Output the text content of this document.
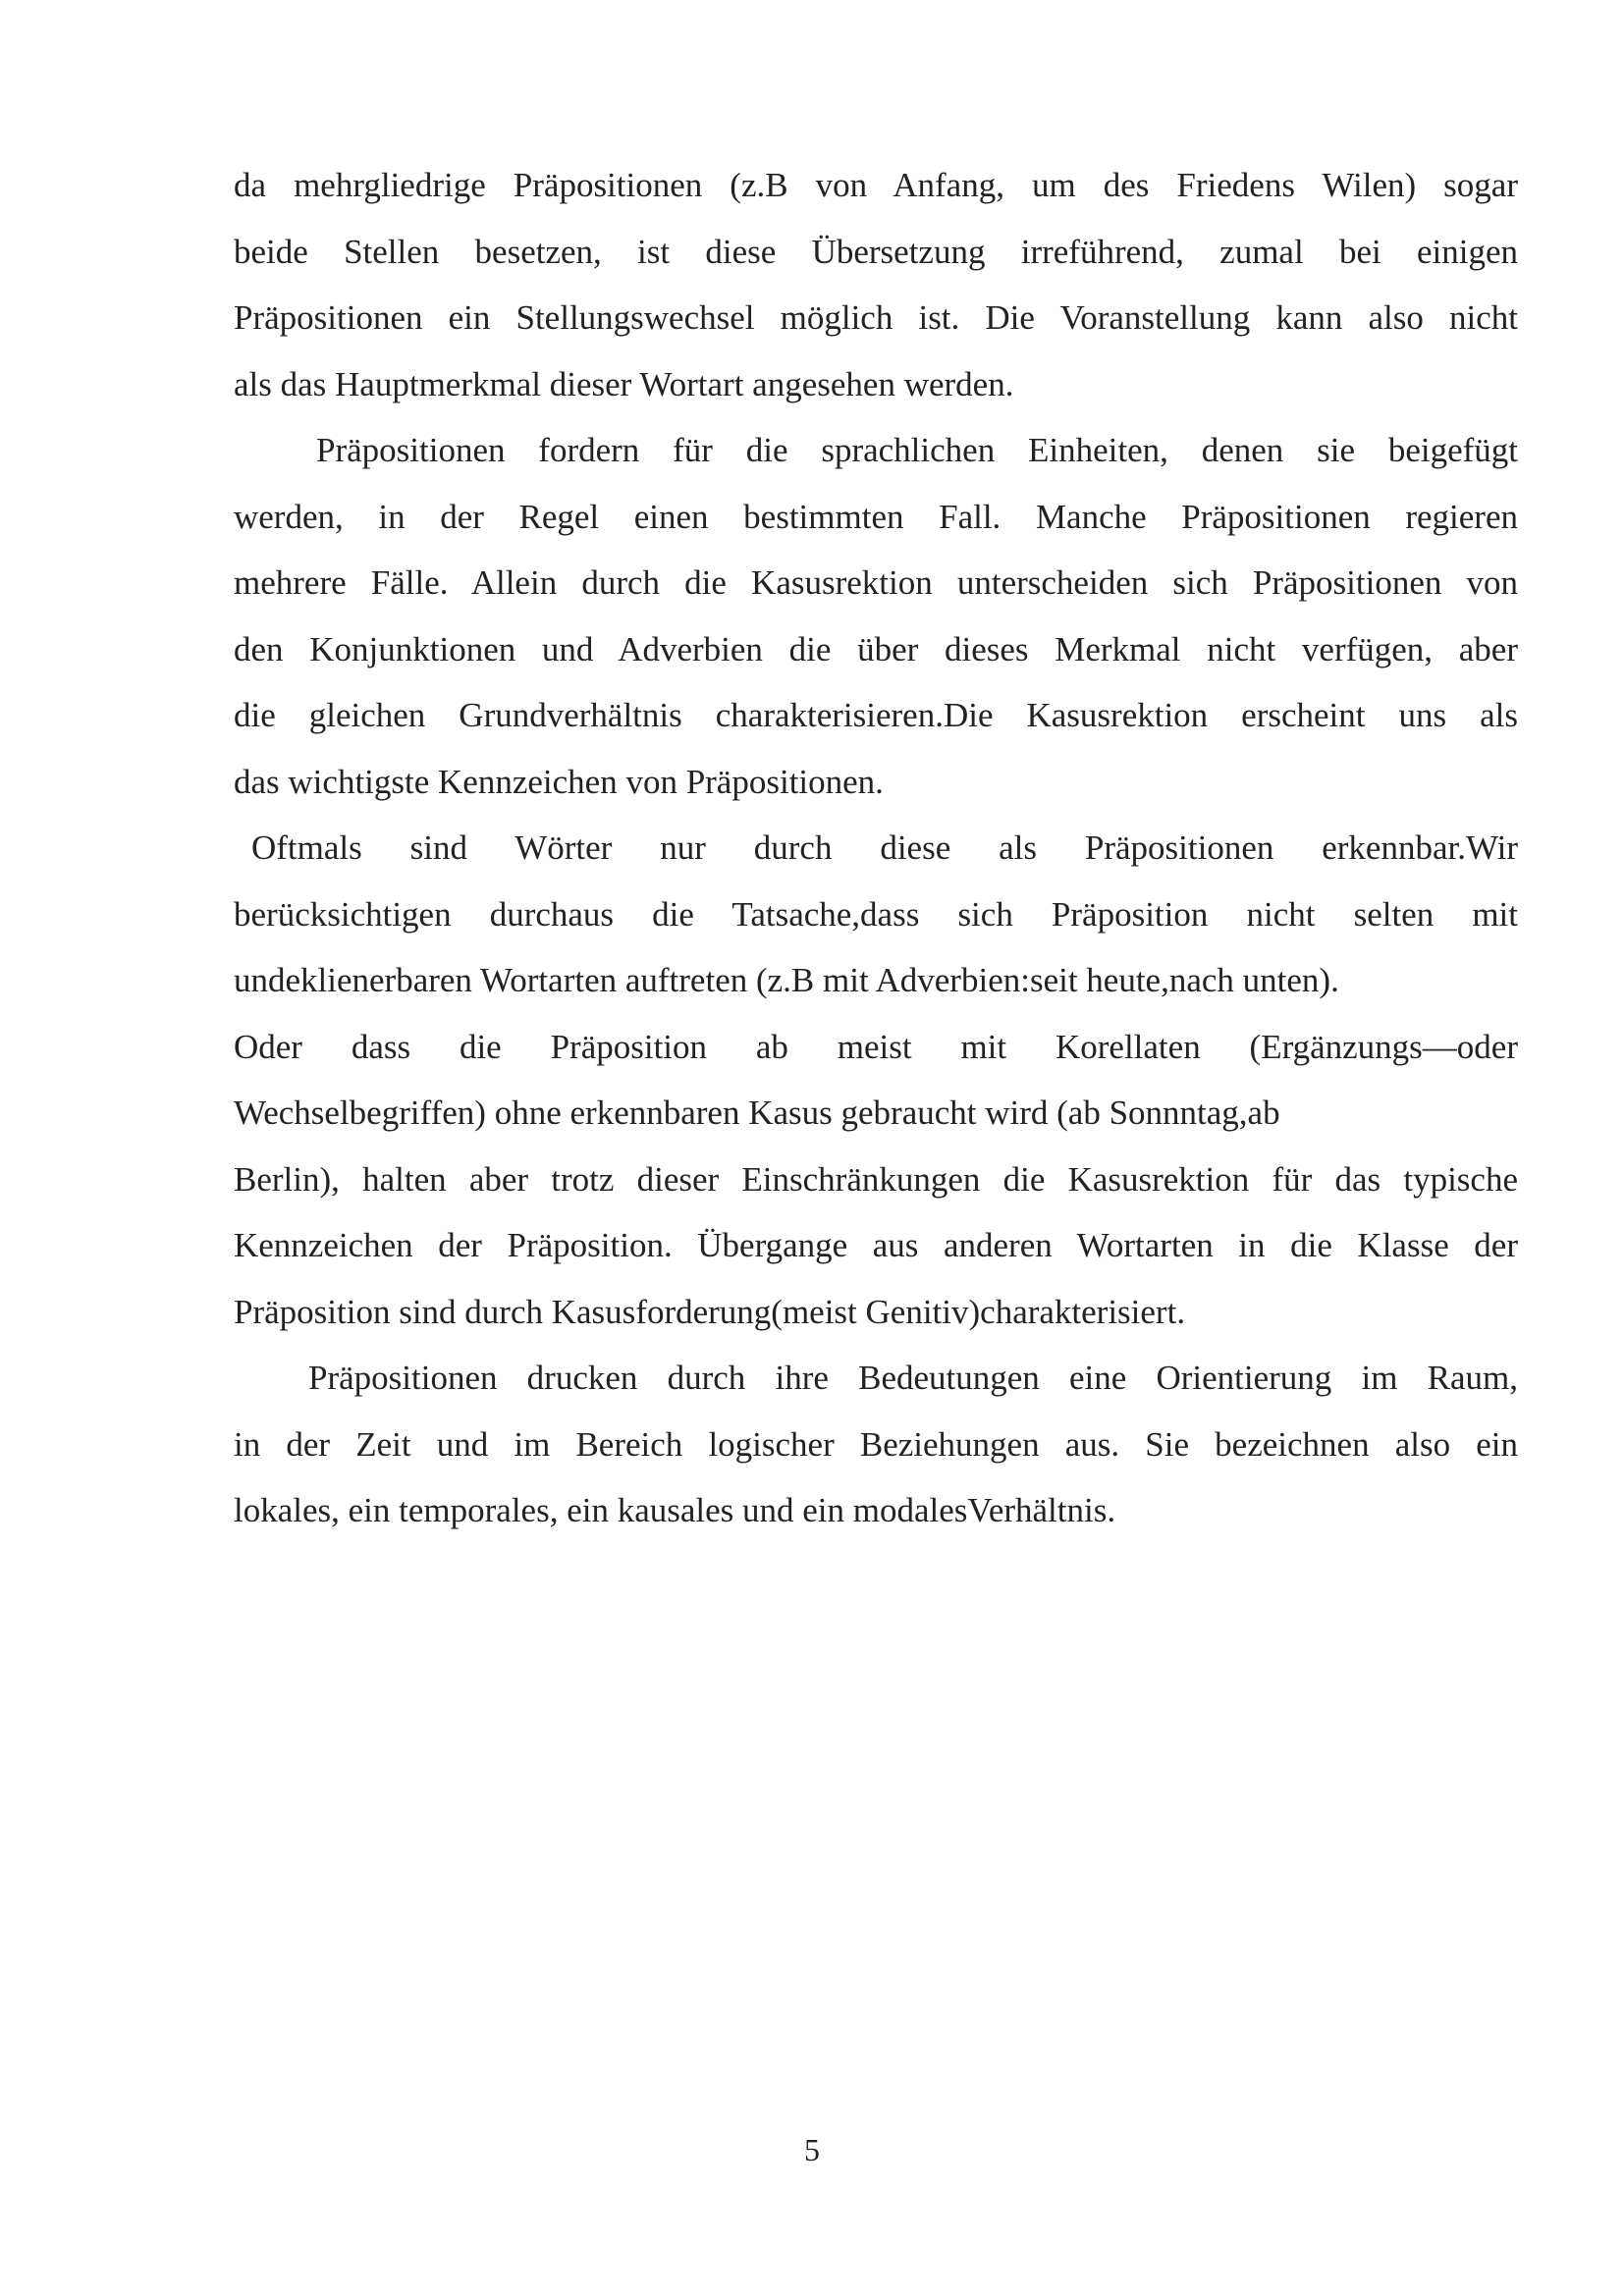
da mehrgliedrige Präpositionen (z.B von Anfang, um des Friedens Wilen) sogar
beide Stellen besetzen, ist diese Übersetzung irreführend, zumal bei einigen
Präpositionen ein Stellungswechsel möglich ist. Die Voranstellung kann also nicht
als das Hauptmerkmal dieser Wortart angesehen werden.
Präpositionen fordern für die sprachlichen Einheiten, denen sie beigefügt
werden, in der Regel einen bestimmten Fall. Manche Präpositionen regieren
mehrere Fälle. Allein durch die Kasusrektion unterscheiden sich Präpositionen von
den Konjunktionen und Adverbien die über dieses Merkmal nicht verfügen, aber
die gleichen Grundverhältnis charakterisieren.Die Kasusrektion erscheint uns als
das wichtigste Kennzeichen von Präpositionen.
Oftmals sind Wörter nur durch diese als Präpositionen erkennbar.Wir
berücksichtigen durchaus die Tatsache,dass sich Präposition nicht selten mit
undeklienerbaren Wortarten auftreten (z.B mit Adverbien:seit heute,nach unten).
Oder dass die Präposition ab meist mit Korellaten (Ergänzungs—oder
Wechselbegriffen) ohne erkennbaren Kasus gebraucht wird (ab Sonnntag,ab
Berlin), halten aber trotz dieser Einschränkungen die Kasusrektion für das typische
Kennzeichen der Präposition. Übergange aus anderen Wortarten in die Klasse der
Präposition sind durch Kasusforderung(meist Genitiv)charakterisiert.
Präpositionen drucken durch ihre Bedeutungen eine Orientierung im Raum,
in der Zeit und im Bereich logischer Beziehungen aus. Sie bezeichnen also ein
lokales, ein temporales, ein kausales und ein modalesVerhältnis.
5
